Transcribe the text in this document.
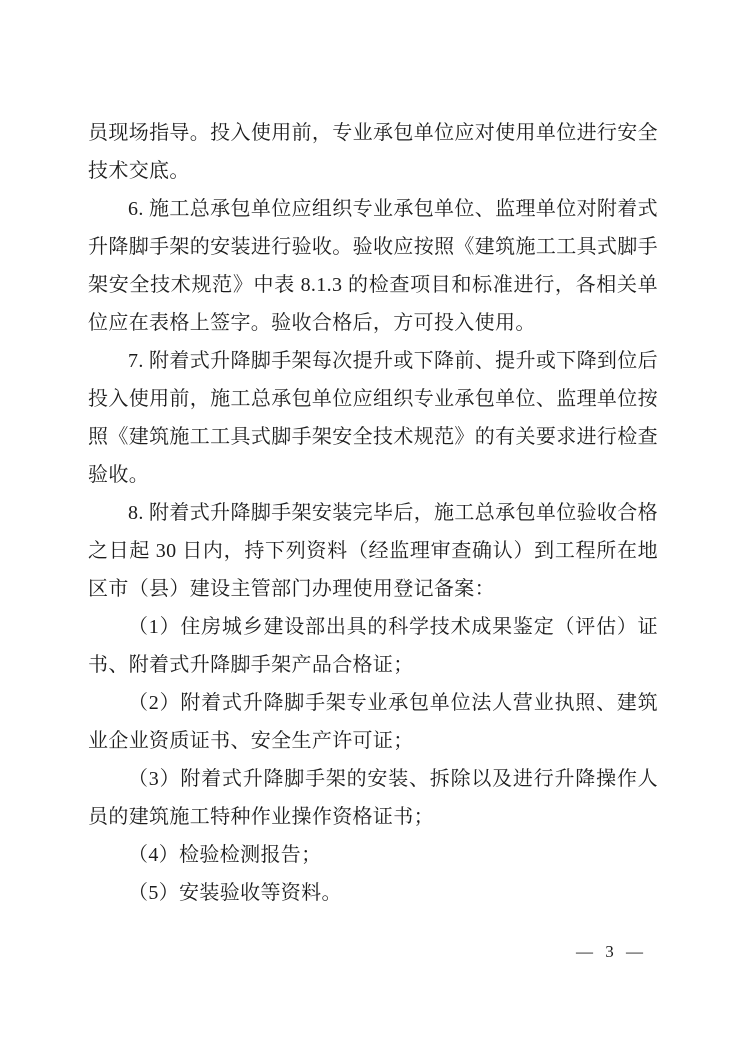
员现场指导。投入使用前，专业承包单位应对使用单位进行安全技术交底。

6. 施工总承包单位应组织专业承包单位、监理单位对附着式升降脚手架的安装进行验收。验收应按照《建筑施工工具式脚手架安全技术规范》中表 8.1.3 的检查项目和标准进行，各相关单位应在表格上签字。验收合格后，方可投入使用。

7. 附着式升降脚手架每次提升或下降前、提升或下降到位后投入使用前，施工总承包单位应组织专业承包单位、监理单位按照《建筑施工工具式脚手架安全技术规范》的有关要求进行检查验收。

8. 附着式升降脚手架安装完毕后，施工总承包单位验收合格之日起 30 日内，持下列资料（经监理审查确认）到工程所在地区市（县）建设主管部门办理使用登记备案：

（1）住房城乡建设部出具的科学技术成果鉴定（评估）证书、附着式升降脚手架产品合格证；

（2）附着式升降脚手架专业承包单位法人营业执照、建筑业企业资质证书、安全生产许可证；

（3）附着式升降脚手架的安装、拆除以及进行升降操作人员的建筑施工特种作业操作资格证书；

（4）检验检测报告；

（5）安装验收等资料。

— 3 —
